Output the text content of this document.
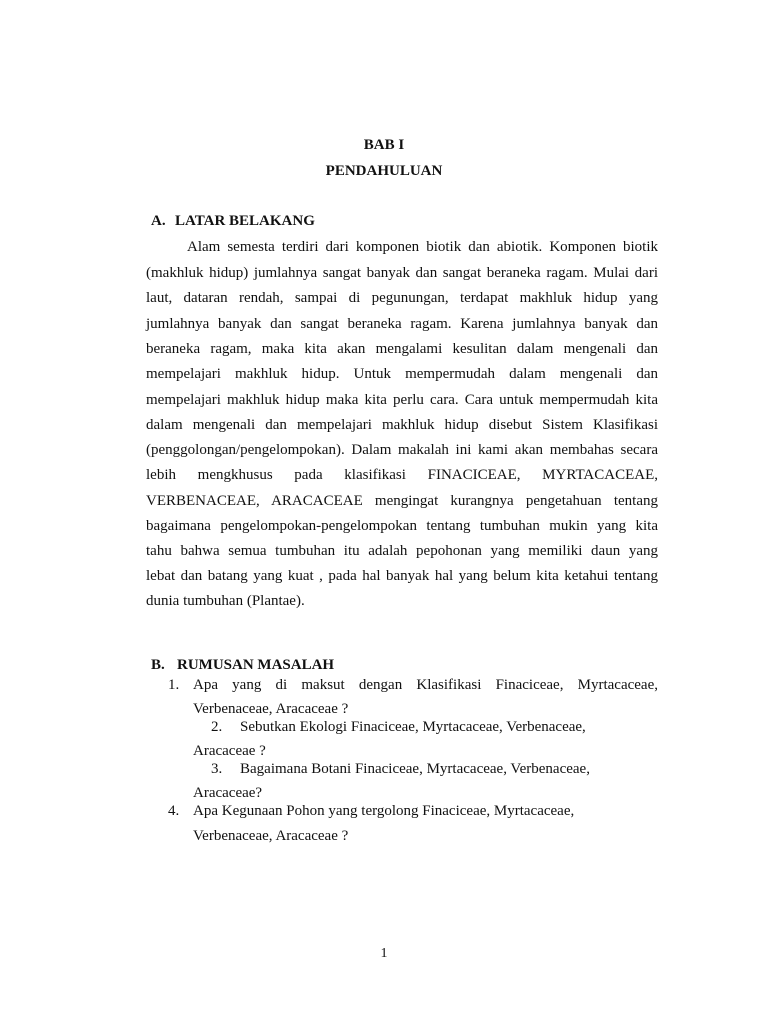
BAB I

PENDAHULUAN

A. LATAR BELAKANG

Alam semesta terdiri dari komponen biotik dan abiotik. Komponen biotik

(makhluk hidup) jumlahnya sangat banyak dan sangat beraneka ragam. Mulai dari

laut, dataran rendah, sampai di pegunungan, terdapat makhluk hidup yang

jumlahnya banyak dan sangat beraneka ragam. Karena jumlahnya banyak dan

beraneka ragam, maka kita akan mengalami kesulitan dalam mengenali dan

mempelajari makhluk hidup. Untuk mempermudah dalam mengenali dan

mempelajari makhluk hidup maka kita perlu cara. Cara untuk mempermudah kita

dalam mengenali dan mempelajari makhluk hidup disebut Sistem Klasifikasi

(penggolongan/pengelompokan). Dalam makalah ini kami akan membahas secara

lebih mengkhusus pada klasifikasi FINACICEAE, MYRTACACEAE,

VERBENACEAE, ARACACEAE mengingat kurangnya pengetahuan tentang

bagaimana pengelompokan-pengelompokan tentang tumbuhan mukin yang kita

tahu bahwa semua tumbuhan itu adalah pepohonan yang memiliki daun yang

lebat dan batang yang kuat , pada hal banyak hal yang belum kita ketahui tentang

dunia tumbuhan (Plantae).

B. RUMUSAN MASALAH

1. Apa yang di maksut dengan Klasifikasi Finaciceae, Myrtacaceae,

Verbenaceae, Aracaceae ?

2. Sebutkan Ekologi Finaciceae, Myrtacaceae, Verbenaceae,

Aracaceae ?

3. Bagaimana Botani Finaciceae, Myrtacaceae, Verbenaceae,

Aracaceae?

4. Apa Kegunaan Pohon yang tergolong Finaciceae, Myrtacaceae,

Verbenaceae, Aracaceae ?

1
